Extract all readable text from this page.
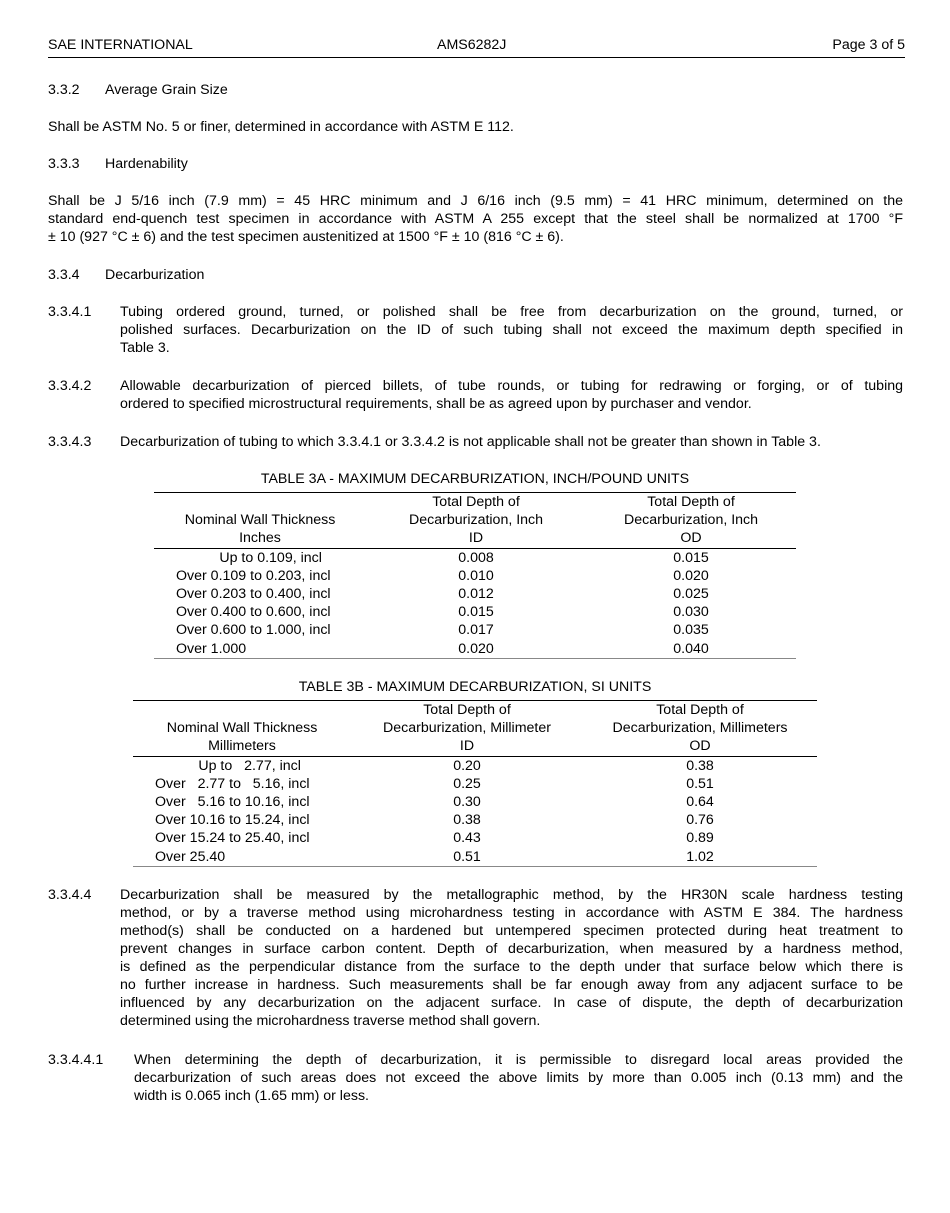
SAE INTERNATIONAL	AMS6282J	Page 3 of 5
3.3.2 Average Grain Size
Shall be ASTM No. 5 or finer, determined in accordance with ASTM E 112.
3.3.3 Hardenability
Shall be J 5/16 inch (7.9 mm) = 45 HRC minimum and J 6/16 inch (9.5 mm) = 41 HRC minimum, determined on the
standard end-quench test specimen in accordance with ASTM A 255 except that the steel shall be normalized at 1700 °F
± 10 (927 °C ± 6) and the test specimen austenitized at 1500 °F ± 10 (816 °C ± 6).
3.3.4 Decarburization
3.3.4.1 Tubing ordered ground, turned, or polished shall be free from decarburization on the ground, turned, or
polished surfaces. Decarburization on the ID of such tubing shall not exceed the maximum depth specified in
Table 3.
3.3.4.2 Allowable decarburization of pierced billets, of tube rounds, or tubing for redrawing or forging, or of tubing
ordered to specified microstructural requirements, shall be as agreed upon by purchaser and vendor.
3.3.4.3 Decarburization of tubing to which 3.3.4.1 or 3.3.4.2 is not applicable shall not be greater than shown in Table 3.
TABLE 3A - MAXIMUM DECARBURIZATION, INCH/POUND UNITS
	Total Depth of	Total Depth of
Nominal Wall Thickness	Decarburization, Inch	Decarburization, Inch
Inches	ID	OD
Up to 0.109, incl	0.008	0.015
Over 0.109 to 0.203, incl	0.010	0.020
Over 0.203 to 0.400, incl	0.012	0.025
Over 0.400 to 0.600, incl	0.015	0.030
Over 0.600 to 1.000, incl	0.017	0.035
Over 1.000	0.020	0.040
TABLE 3B - MAXIMUM DECARBURIZATION, SI UNITS
	Total Depth of	Total Depth of
Nominal Wall Thickness	Decarburization, Millimeter	Decarburization, Millimeters
Millimeters	ID	OD
Up to   2.77, incl	0.20	0.38
Over   2.77 to   5.16, incl	0.25	0.51
Over   5.16 to 10.16, incl	0.30	0.64
Over 10.16 to 15.24, incl	0.38	0.76
Over 15.24 to 25.40, incl	0.43	0.89
Over 25.40	0.51	1.02
3.3.4.4 Decarburization shall be measured by the metallographic method, by the HR30N scale hardness testing
method, or by a traverse method using microhardness testing in accordance with ASTM E 384. The hardness
method(s) shall be conducted on a hardened but untempered specimen protected during heat treatment to
prevent changes in surface carbon content. Depth of decarburization, when measured by a hardness method,
is defined as the perpendicular distance from the surface to the depth under that surface below which there is
no further increase in hardness. Such measurements shall be far enough away from any adjacent surface to be
influenced by any decarburization on the adjacent surface. In case of dispute, the depth of decarburization
determined using the microhardness traverse method shall govern.
3.3.4.4.1 When determining the depth of decarburization, it is permissible to disregard local areas provided the
decarburization of such areas does not exceed the above limits by more than 0.005 inch (0.13 mm) and the
width is 0.065 inch (1.65 mm) or less.
